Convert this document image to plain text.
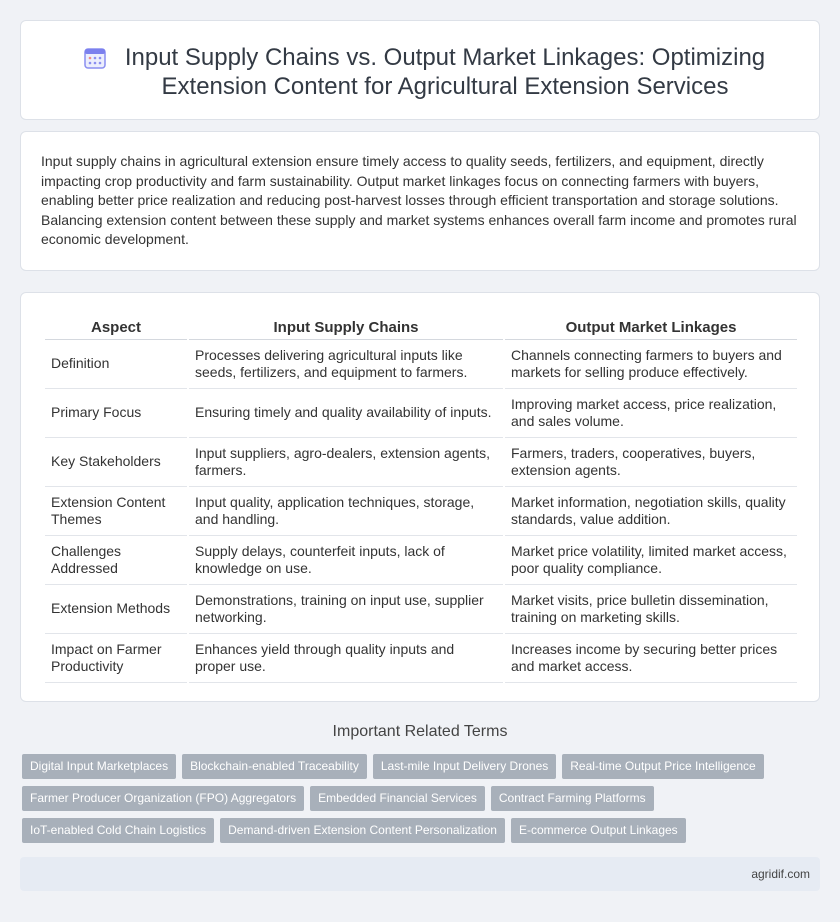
Input Supply Chains vs. Output Market Linkages: Optimizing Extension Content for Agricultural Extension Services

Input supply chains in agricultural extension ensure timely access to quality seeds, fertilizers, and equipment, directly impacting crop productivity and farm sustainability. Output market linkages focus on connecting farmers with buyers, enabling better price realization and reducing post-harvest losses through efficient transportation and storage solutions. Balancing extension content between these supply and market systems enhances overall farm income and promotes rural economic development.

Aspect	Input Supply Chains	Output Market Linkages
Definition	Processes delivering agricultural inputs like seeds, fertilizers, and equipment to farmers.	Channels connecting farmers to buyers and markets for selling produce effectively.
Primary Focus	Ensuring timely and quality availability of inputs.	Improving market access, price realization, and sales volume.
Key Stakeholders	Input suppliers, agro-dealers, extension agents, farmers.	Farmers, traders, cooperatives, buyers, extension agents.
Extension Content Themes	Input quality, application techniques, storage, and handling.	Market information, negotiation skills, quality standards, value addition.
Challenges Addressed	Supply delays, counterfeit inputs, lack of knowledge on use.	Market price volatility, limited market access, poor quality compliance.
Extension Methods	Demonstrations, training on input use, supplier networking.	Market visits, price bulletin dissemination, training on marketing skills.
Impact on Farmer Productivity	Enhances yield through quality inputs and proper use.	Increases income by securing better prices and market access.
Important Related Terms
Digital Input Marketplaces	Blockchain-enabled Traceability	Last-mile Input Delivery Drones	Real-time Output Price Intelligence
Farmer Producer Organization (FPO) Aggregators	Embedded Financial Services	Contract Farming Platforms
IoT-enabled Cold Chain Logistics	Demand-driven Extension Content Personalization	E-commerce Output Linkages
agridif.com
